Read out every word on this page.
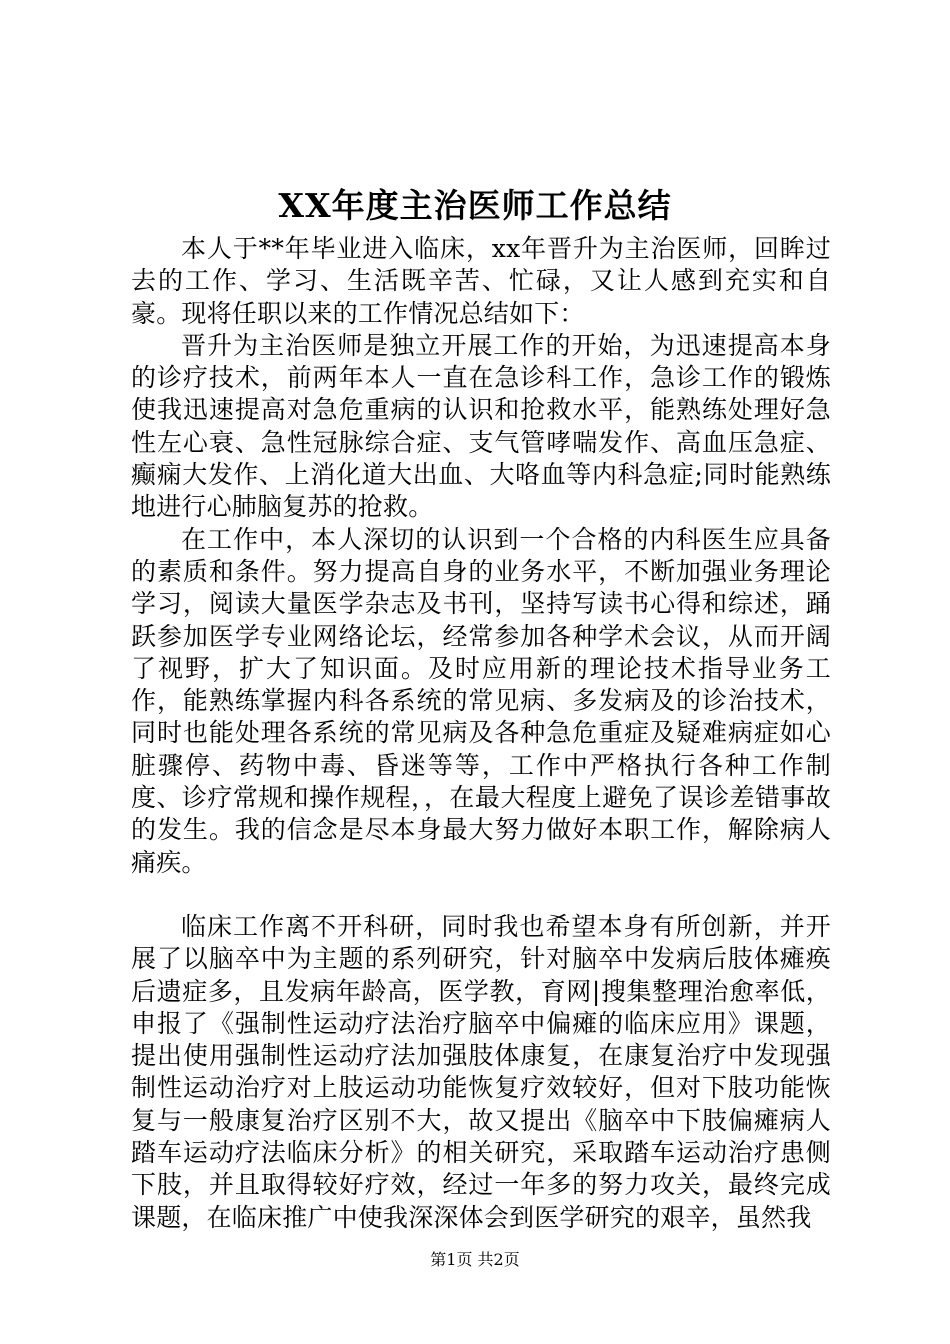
XX年度主治医师工作总结

本人于**年毕业进入临床，xx年晋升为主治医师，回眸过去的工作、学习、生活既辛苦、忙碌，又让人感到充实和自豪。现将任职以来的工作情况总结如下：

晋升为主治医师是独立开展工作的开始，为迅速提高本身的诊疗技术，前两年本人一直在急诊科工作，急诊工作的锻炼使我迅速提高对急危重病的认识和抢救水平，能熟练处理好急性左心衰、急性冠脉综合症、支气管哮喘发作、高血压急症、癫痫大发作、上消化道大出血、大咯血等内科急症;同时能熟练地进行心肺脑复苏的抢救。

在工作中，本人深切的认识到一个合格的内科医生应具备的素质和条件。努力提高自身的业务水平，不断加强业务理论学习，阅读大量医学杂志及书刊，坚持写读书心得和综述，踊跃参加医学专业网络论坛，经常参加各种学术会议，从而开阔了视野，扩大了知识面。及时应用新的理论技术指导业务工作，能熟练掌握内科各系统的常见病、多发病及的诊治技术，同时也能处理各系统的常见病及各种急危重症及疑难病症如心脏骤停、药物中毒、昏迷等等，工作中严格执行各种工作制度、诊疗常规和操作规程，，在最大程度上避免了误诊差错事故的发生。我的信念是尽本身最大努力做好本职工作，解除病人痛疾。

临床工作离不开科研，同时我也希望本身有所创新，并开展了以脑卒中为主题的系列研究，针对脑卒中发病后肢体瘫痪后遗症多，且发病年龄高，医学教，育网|搜集整理治愈率低，申报了《强制性运动疗法治疗脑卒中偏瘫的临床应用》课题，提出使用强制性运动疗法加强肢体康复，在康复治疗中发现强制性运动治疗对上肢运动功能恢复疗效较好，但对下肢功能恢复与一般康复治疗区别不大，故又提出《脑卒中下肢偏瘫病人踏车运动疗法临床分析》的相关研究，采取踏车运动治疗患侧下肢，并且取得较好疗效，经过一年多的努力攻关，最终完成课题，在临床推广中使我深深体会到医学研究的艰辛，虽然我

第1页 共2页
